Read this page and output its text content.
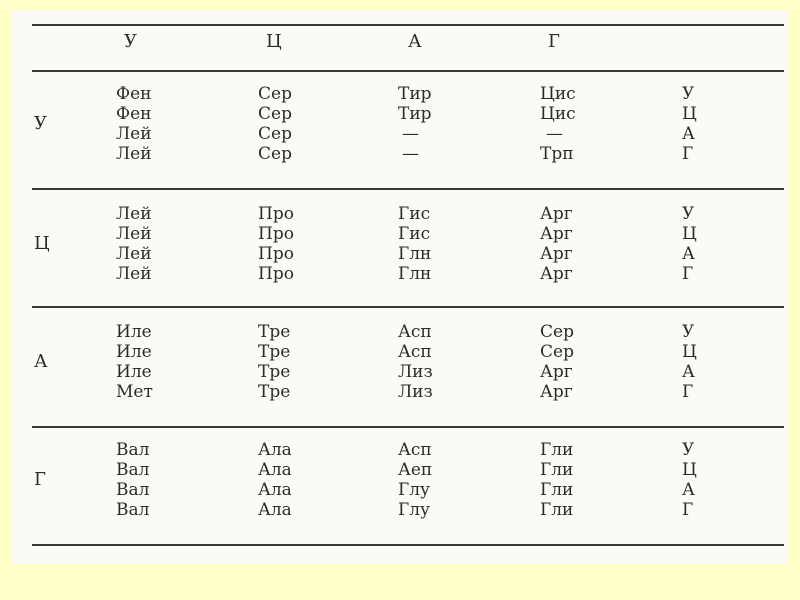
У	Ц	А	Г
У
Фен	Сер	Тир	Цис	У
Фен	Сер	Тир	Цис	Ц
Лей	Сер	—	—	А
Лей	Сер	—	Трп	Г
Ц
Лей	Про	Гис	Арг	У
Лей	Про	Гис	Арг	Ц
Лей	Про	Глн	Арг	А
Лей	Про	Глн	Арг	Г
А
Иле	Тре	Асп	Сер	У
Иле	Тре	Асп	Сер	Ц
Иле	Тре	Лиз	Арг	А
Мет	Тре	Лиз	Арг	Г
Г
Вал	Ала	Асп	Гли	У
Вал	Ала	Аеп	Гли	Ц
Вал	Ала	Глу	Гли	А
Вал	Ала	Глу	Гли	Г
